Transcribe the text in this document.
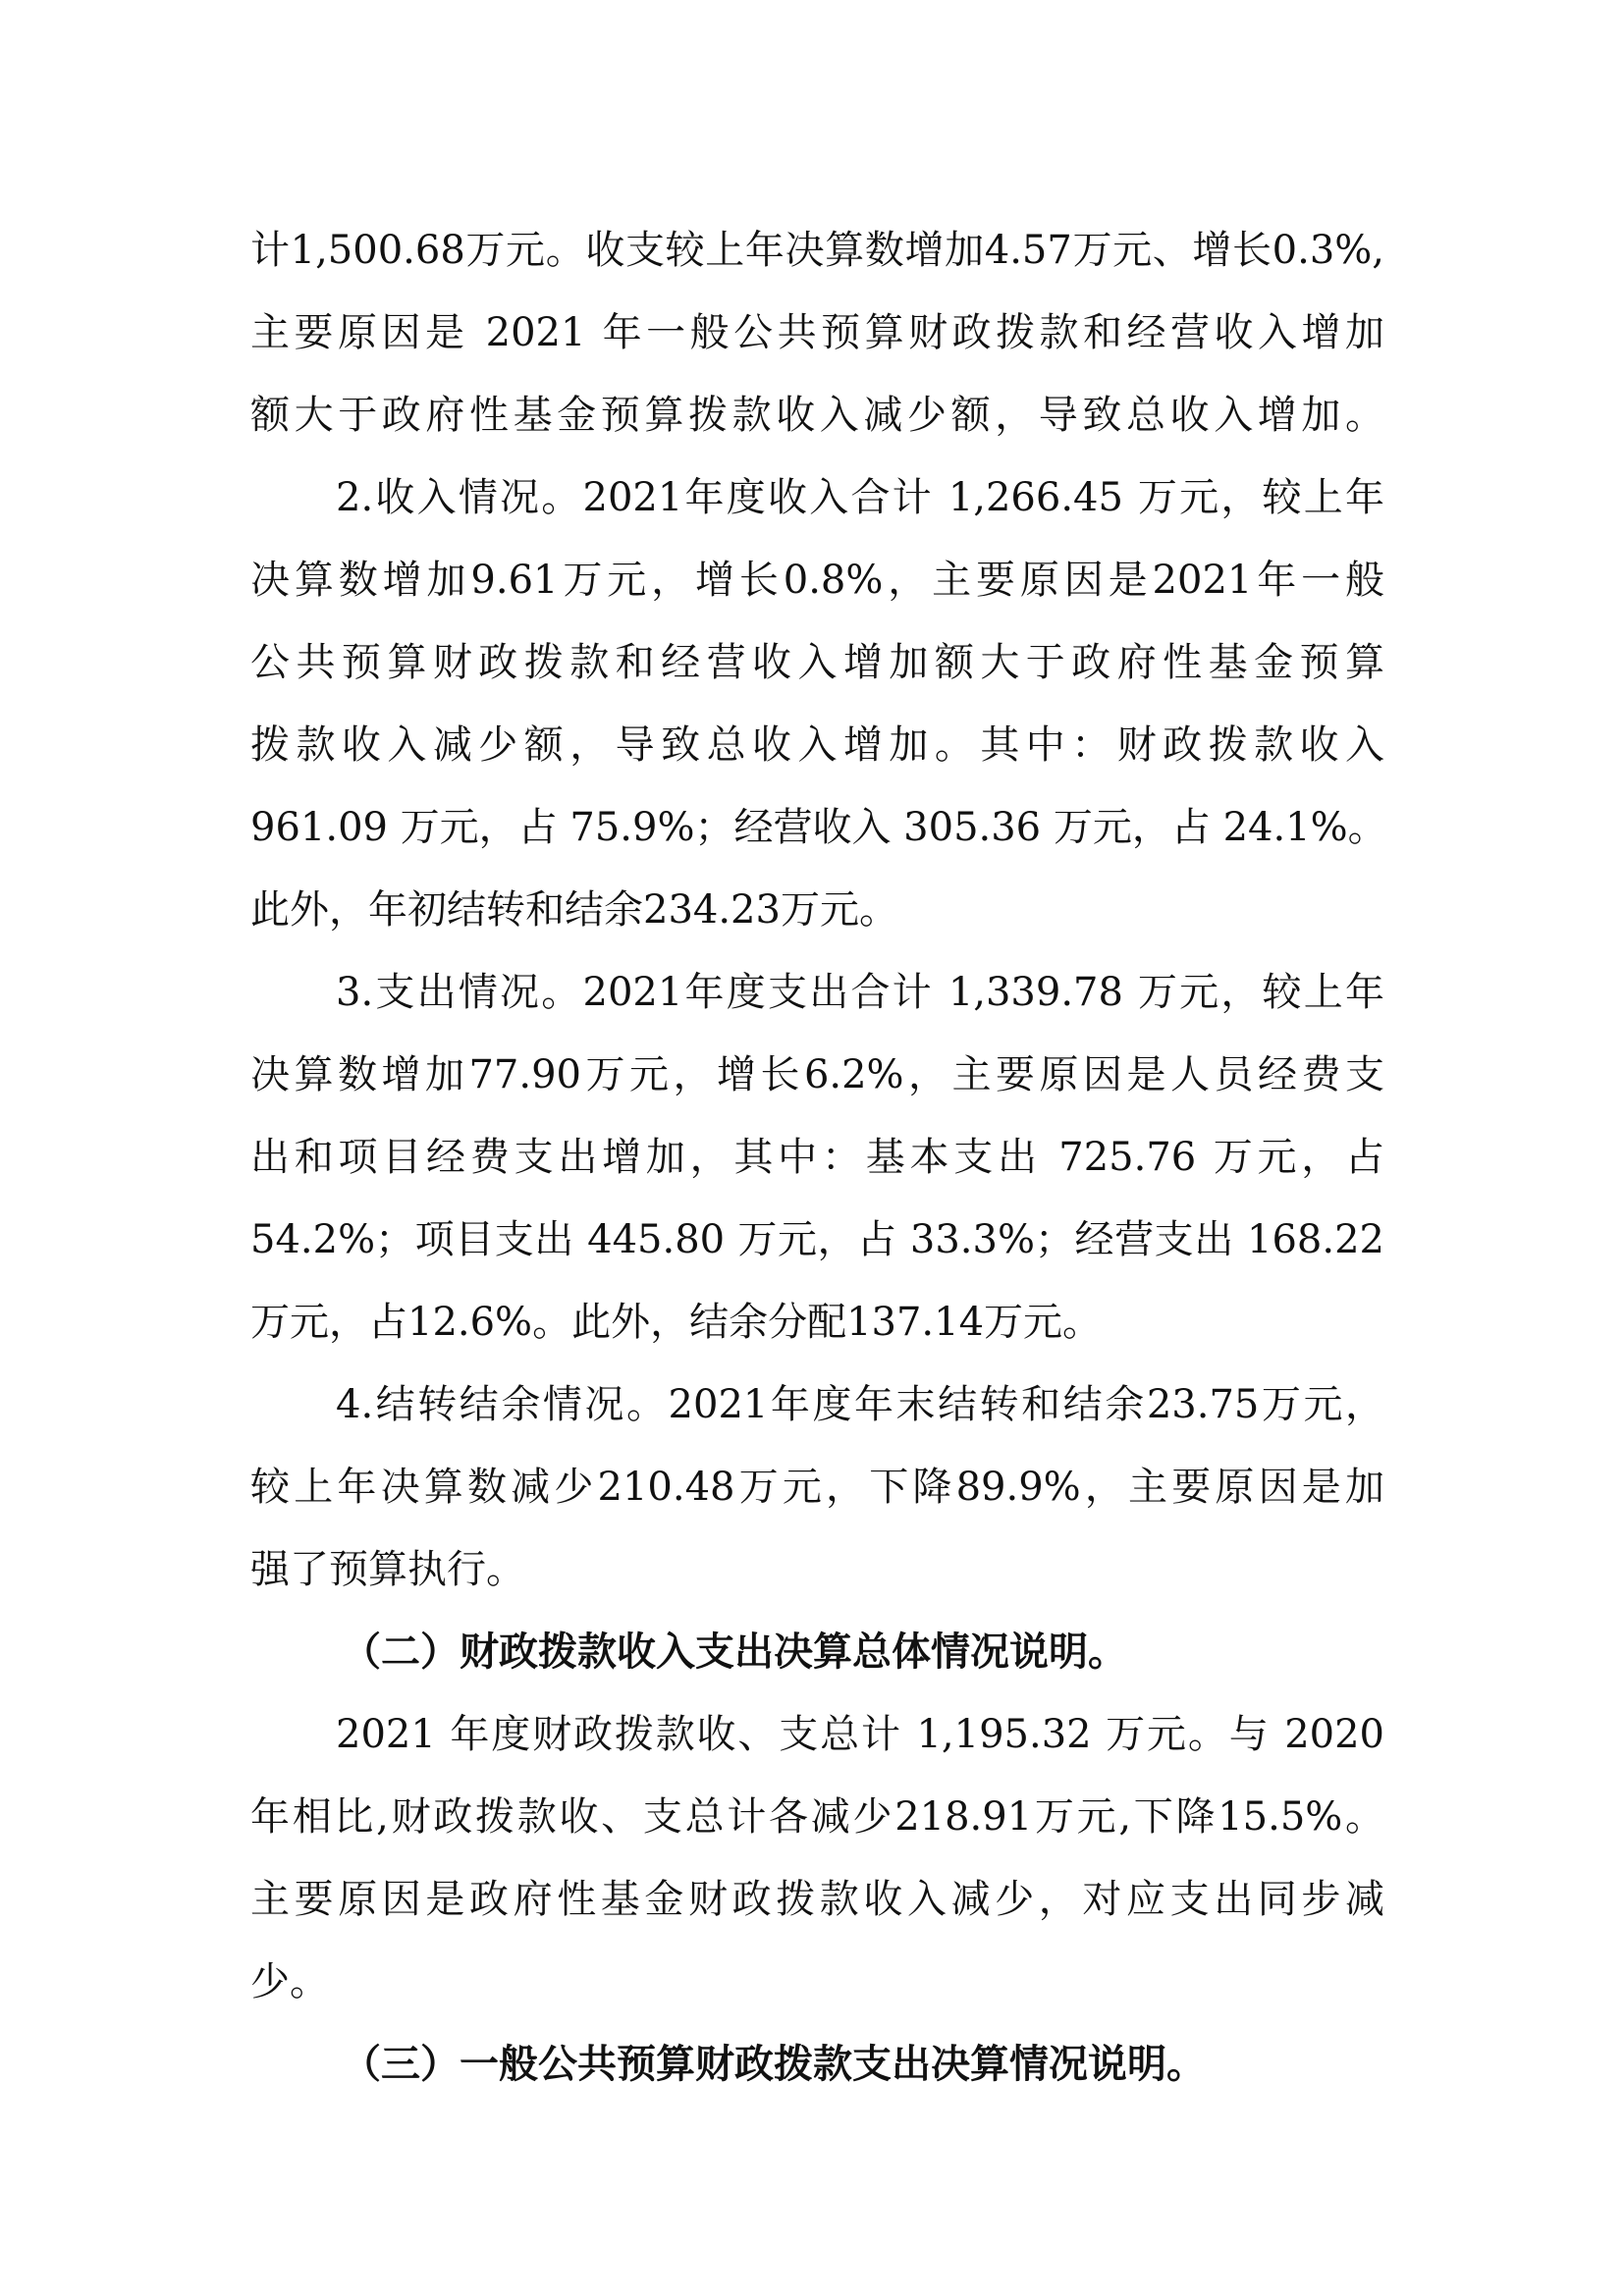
计1,500.68万元。收支较上年决算数增加4.57万元、增长0.3%,
主要原因是 2021 年一般公共预算财政拨款和经营收入增加
额大于政府性基金预算拨款收入减少额，导致总收入增加。
2.收入情况。2021年度收入合计 1,266.45 万元，较上年
决算数增加9.61万元，增长0.8%，主要原因是2021年一般
公共预算财政拨款和经营收入增加额大于政府性基金预算
拨款收入减少额，导致总收入增加。其中：财政拨款收入
961.09 万元，占 75.9%；经营收入 305.36 万元，占 24.1%。
此外，年初结转和结余234.23万元。
3.支出情况。2021年度支出合计 1,339.78 万元，较上年
决算数增加77.90万元，增长6.2%，主要原因是人员经费支
出和项目经费支出增加，其中：基本支出 725.76 万元，占
54.2%；项目支出 445.80 万元，占 33.3%；经营支出 168.22
万元，占12.6%。此外，结余分配137.14万元。
4.结转结余情况。2021年度年末结转和结余23.75万元，
较上年决算数减少210.48万元，下降89.9%，主要原因是加
强了预算执行。
（二）财政拨款收入支出决算总体情况说明。
2021 年度财政拨款收、支总计 1,195.32 万元。与 2020
年相比,财政拨款收、支总计各减少218.91万元,下降15.5%。
主要原因是政府性基金财政拨款收入减少，对应支出同步减
少。
（三）一般公共预算财政拨款支出决算情况说明。
